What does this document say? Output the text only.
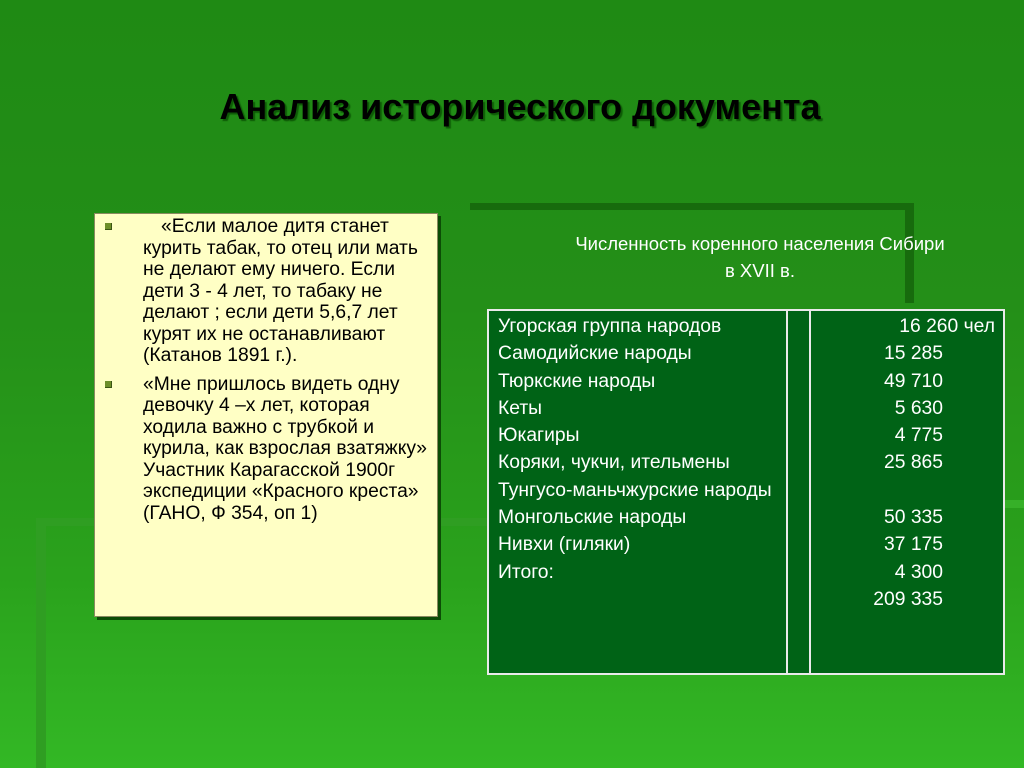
Анализ исторического документа
«Если малое дитя станет курить табак, то отец или мать не делают ему ничего. Если дети 3 - 4 лет, то табаку не делают ; если дети 5,6,7 лет курят их не останавливают (Катанов 1891 г.).
«Мне пришлось видеть одну девочку 4 –х лет, которая ходила важно с трубкой и курила, как взрослая взатяжку» Участник Карагасской 1900г экспедиции «Красного креста» (ГАНО, Ф 354, оп 1)
Численность коренного населения Сибири
в XVII в.
Угорская группа народов
Самодийские народы
Тюркские народы
Кеты
Юкагиры
Коряки, чукчи, ительмены
Тунгусо-маньчжурские народы
Монгольские народы
Нивхи (гиляки)
Итого:
16 260 чел
15 285
49 710
5 630
4 775
25 865
50 335
37 175
4 300
209 335
